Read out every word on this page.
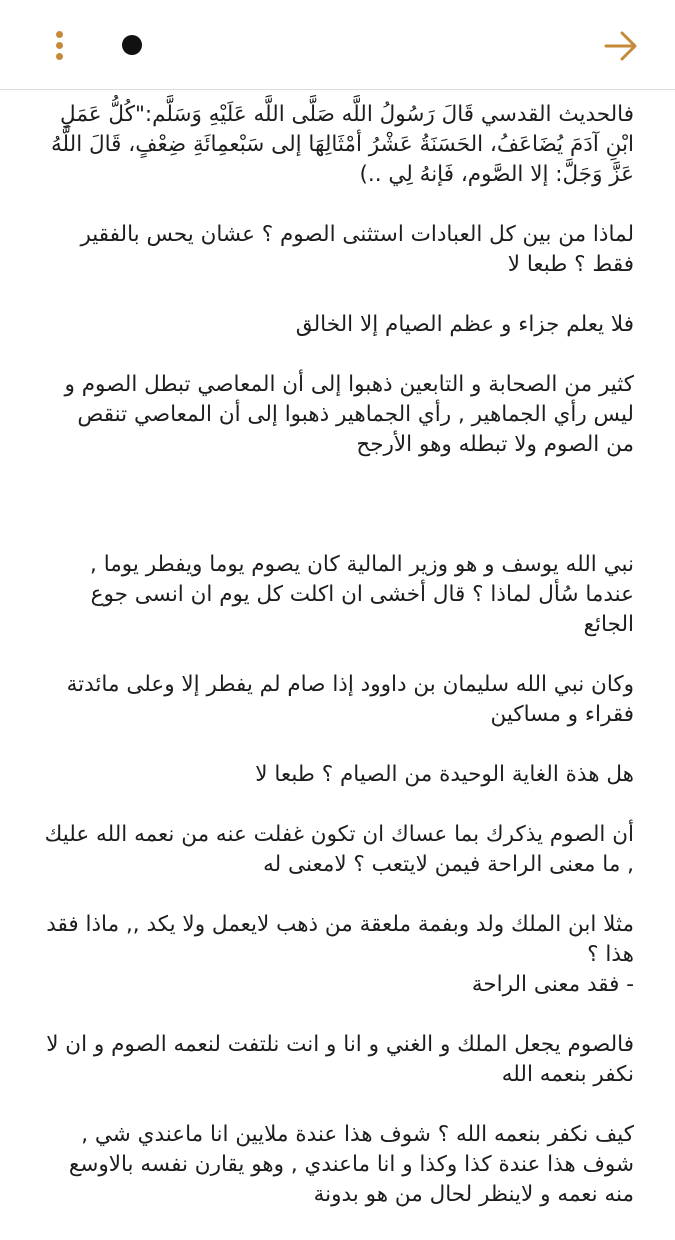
فالحديث القدسي قَالَ رَسُولُ اللَّه صَلَّى اللَّه عَلَيْهِ وَسَلَّم:"كُلُّ عَمَلِ ابْنِ آدَمَ يُضَاعَفُ، الحَسَنَةُ عَشْرُ أمْثَالِهَا إلى سَبْعمِائَةِ ضِعْفٍ، قَالَ اللَّهُ عَزَّ وَجَلَّ: إلا الصَّوم، فَإنهُ لِي ..)

لماذا من بين كل العبادات استثنى الصوم ؟ عشان يحس بالفقير فقط ؟ طبعا لا

فلا يعلم جزاء و عظم الصيام إلا الخالق

كثير من الصحابة و التابعين ذهبوا إلى أن المعاصي تبطل الصوم و ليس رأي الجماهير , رأي الجماهير ذهبوا إلى أن المعاصي تنقص من الصوم ولا تبطله وهو الأرجح

نبي الله يوسف و هو وزير المالية كان يصوم يوما ويفطر يوما , عندما سُأل لماذا ؟ قال أخشى ان اكلت كل يوم ان انسى جوع الجائع

وكان نبي الله سليمان بن داوود إذا صام لم يفطر إلا وعلى مائدتة فقراء و مساكين

هل هذة الغاية الوحيدة من الصيام ؟ طبعا لا

أن الصوم يذكرك بما عساك ان تكون غفلت عنه من نعمه الله عليك , ما معنى الراحة فيمن لايتعب ؟ لامعنى له

مثلا ابن الملك ولد وبفمة ملعقة من ذهب لايعمل ولا يكد ,, ماذا فقد هذا ؟
- فقد معنى الراحة

فالصوم يجعل الملك و الغني و انا و انت نلتفت لنعمه الصوم و ان لا نكفر بنعمه الله

كيف نكفر بنعمه الله ؟ شوف هذا عندة ملايين انا ماعندي شي , شوف هذا عندة كذا وكذا و انا ماعندي , وهو يقارن نفسه بالاوسع منه نعمه و لاينظر لحال من هو بدونة
